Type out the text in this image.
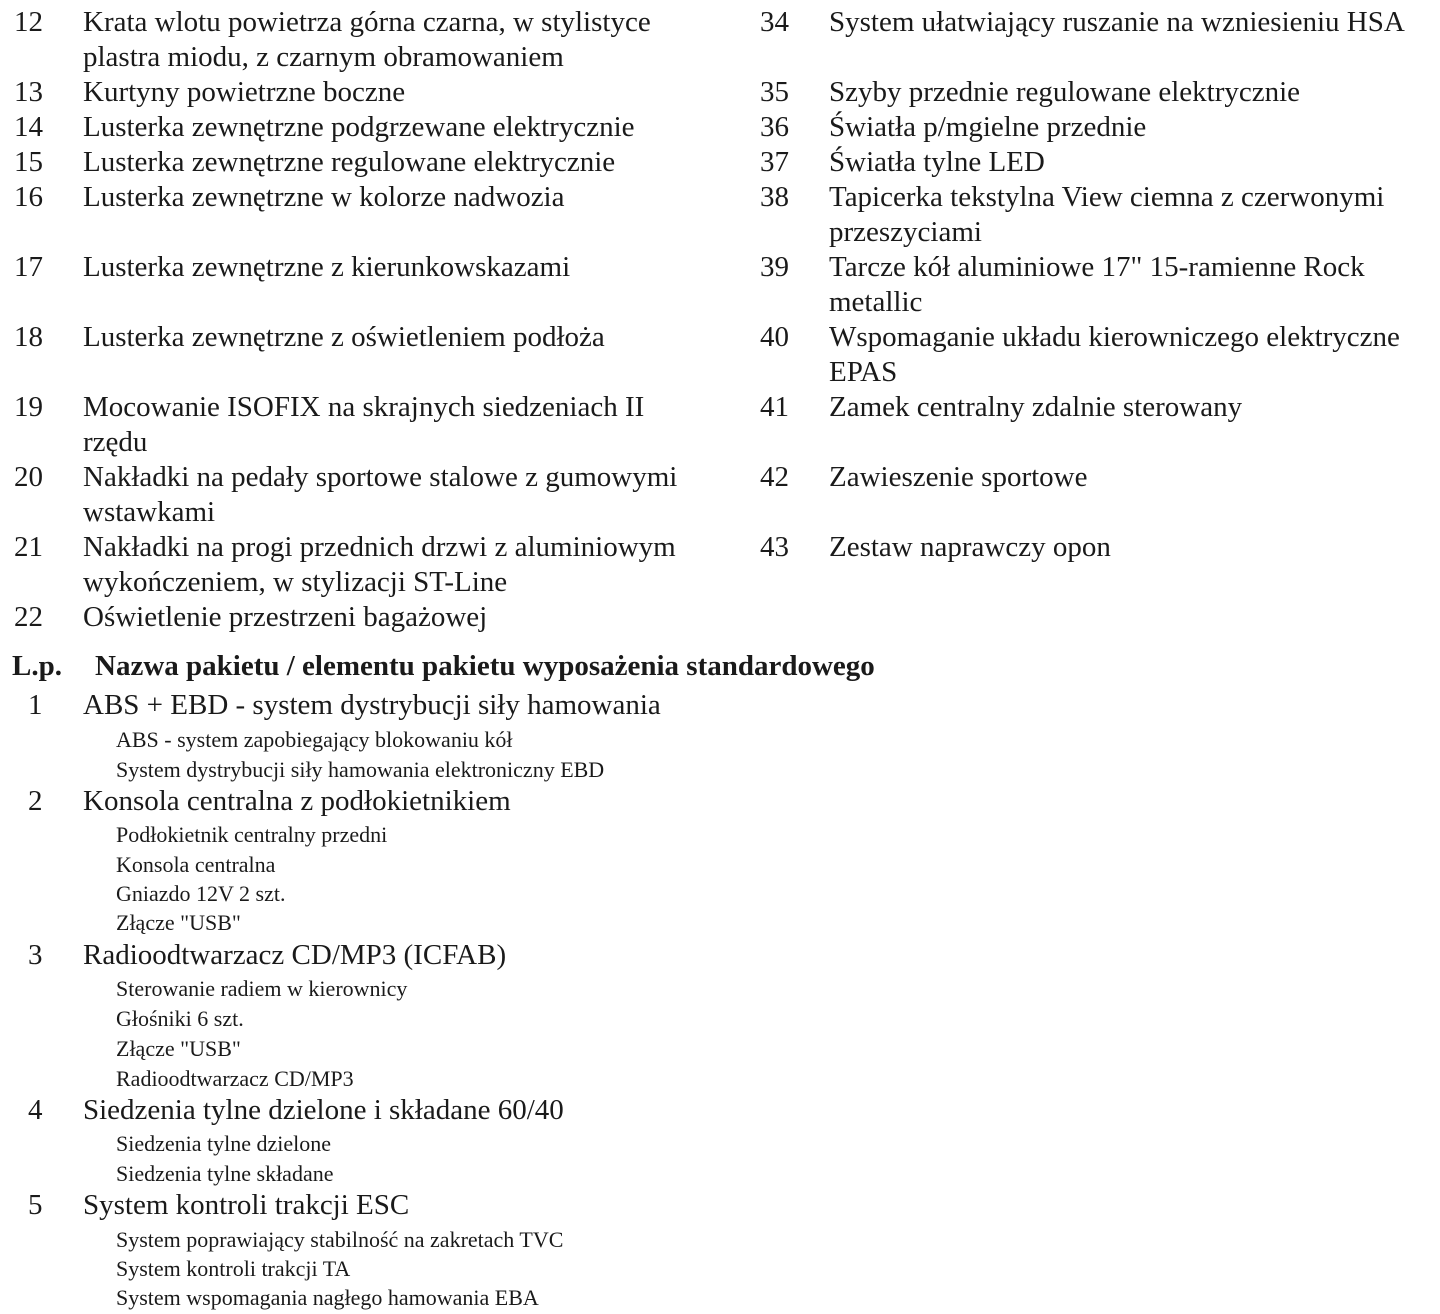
12	Krata wlotu powietrza górna czarna, w stylistyce
plastra miodu, z czarnym obramowaniem
13	Kurtyny powietrzne boczne
14	Lusterka zewnętrzne podgrzewane elektrycznie
15	Lusterka zewnętrzne regulowane elektrycznie
16	Lusterka zewnętrzne w kolorze nadwozia
17	Lusterka zewnętrzne z kierunkowskazami
18	Lusterka zewnętrzne z oświetleniem podłoża
19	Mocowanie ISOFIX na skrajnych siedzeniach II
rzędu
20	Nakładki na pedały sportowe stalowe z gumowymi
wstawkami
21	Nakładki na progi przednich drzwi z aluminiowym
wykończeniem, w stylizacji ST-Line
22	Oświetlenie przestrzeni bagażowej
34	System ułatwiający ruszanie na wzniesieniu HSA
35	Szyby przednie regulowane elektrycznie
36	Światła p/mgielne przednie
37	Światła tylne LED
38	Tapicerka tekstylna View ciemna z czerwonymi
przeszyciami
39	Tarcze kół aluminiowe 17" 15-ramienne Rock
metallic
40	Wspomaganie układu kierowniczego elektryczne
EPAS
41	Zamek centralny zdalnie sterowany
42	Zawieszenie sportowe
43	Zestaw naprawczy opon
L.p. Nazwa pakietu / elementu pakietu wyposażenia standardowego
1 ABS + EBD - system dystrybucji siły hamowania
ABS - system zapobiegający blokowaniu kół
System dystrybucji siły hamowania elektroniczny EBD
2 Konsola centralna z podłokietnikiem
Podłokietnik centralny przedni
Konsola centralna
Gniazdo 12V 2 szt.
Złącze "USB"
3 Radioodtwarzacz CD/MP3 (ICFAB)
Sterowanie radiem w kierownicy
Głośniki 6 szt.
Złącze "USB"
Radioodtwarzacz CD/MP3
4 Siedzenia tylne dzielone i składane 60/40
Siedzenia tylne dzielone
Siedzenia tylne składane
5 System kontroli trakcji ESC
System poprawiający stabilność na zakretach TVC
System kontroli trakcji TA
System wspomagania nagłego hamowania EBA
